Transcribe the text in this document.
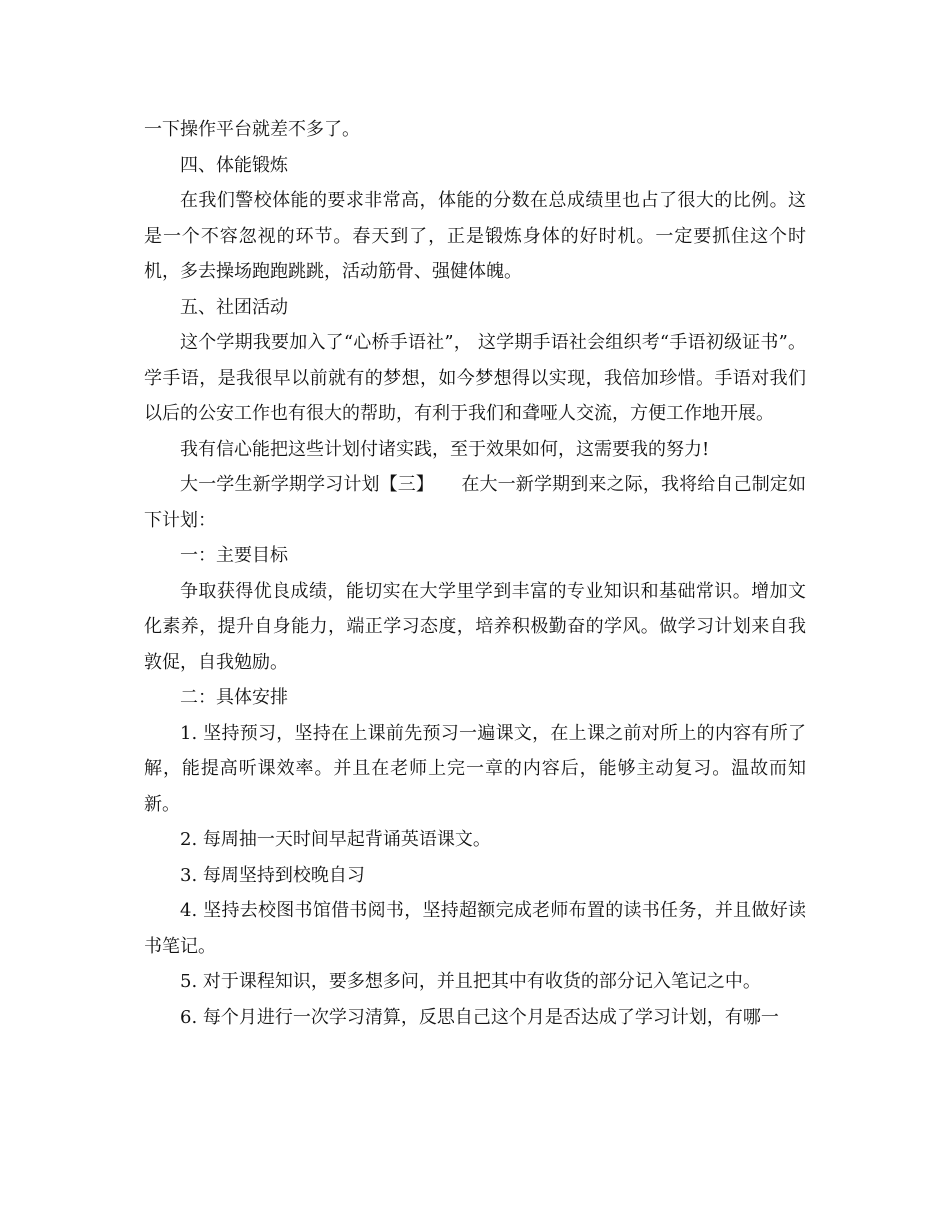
一下操作平台就差不多了。

四、体能锻炼

在我们警校体能的要求非常高，体能的分数在总成绩里也占了很大的比例。这是一个不容忽视的环节。春天到了，正是锻炼身体的好时机。一定要抓住这个时机，多去操场跑跑跳跳，活动筋骨、强健体魄。

五、社团活动

这个学期我要加入了“心桥手语社”， 这学期手语社会组织考“手语初级证书”。 学手语，是我很早以前就有的梦想，如今梦想得以实现，我倍加珍惜。手语对我们以后的公安工作也有很大的帮助，有利于我们和聋哑人交流，方便工作地开展。

我有信心能把这些计划付诸实践，至于效果如何，这需要我的努力!

大一学生新学期学习计划【三】　　在大一新学期到来之际，我将给自己制定如下计划：

一：主要目标

争取获得优良成绩，能切实在大学里学到丰富的专业知识和基础常识。增加文化素养，提升自身能力，端正学习态度，培养积极勤奋的学风。做学习计划来自我敦促，自我勉励。

二：具体安排

1. 坚持预习，坚持在上课前先预习一遍课文，在上课之前对所上的内容有所了解，能提高听课效率。并且在老师上完一章的内容后，能够主动复习。温故而知新。

2. 每周抽一天时间早起背诵英语课文。

3. 每周坚持到校晚自习

4. 坚持去校图书馆借书阅书，坚持超额完成老师布置的读书任务，并且做好读书笔记。

5. 对于课程知识，要多想多问，并且把其中有收货的部分记入笔记之中。

6. 每个月进行一次学习清算，反思自己这个月是否达成了学习计划，有哪一
